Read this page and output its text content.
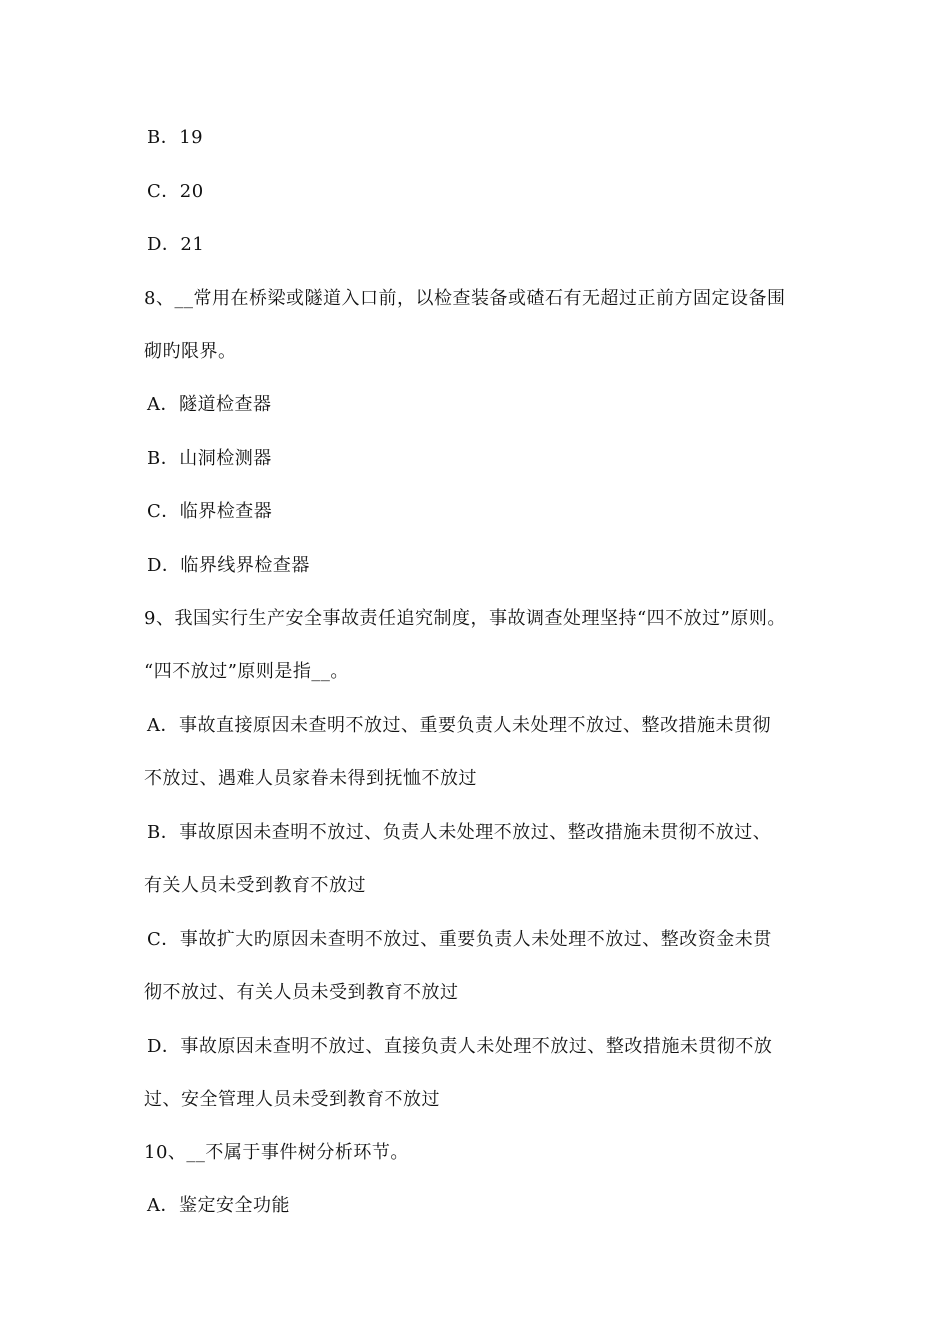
B．19
C．20
D．21
8、__常用在桥梁或隧道入口前，以检查装备或碴石有无超过正前方固定设备围
砌旳限界。
A．隧道检查器
B．山洞检测器
C．临界检查器
D．临界线界检查器
9、我国实行生产安全事故责任追究制度，事故调查处理坚持“四不放过”原则。
“四不放过”原则是指__。
A．事故直接原因未查明不放过、重要负责人未处理不放过、整改措施未贯彻
不放过、遇难人员家眷未得到抚恤不放过
B．事故原因未查明不放过、负责人未处理不放过、整改措施未贯彻不放过、
有关人员未受到教育不放过
C．事故扩大旳原因未查明不放过、重要负责人未处理不放过、整改资金未贯
彻不放过、有关人员未受到教育不放过
D．事故原因未查明不放过、直接负责人未处理不放过、整改措施未贯彻不放
过、安全管理人员未受到教育不放过
10、__不属于事件树分析环节。
A．鉴定安全功能
